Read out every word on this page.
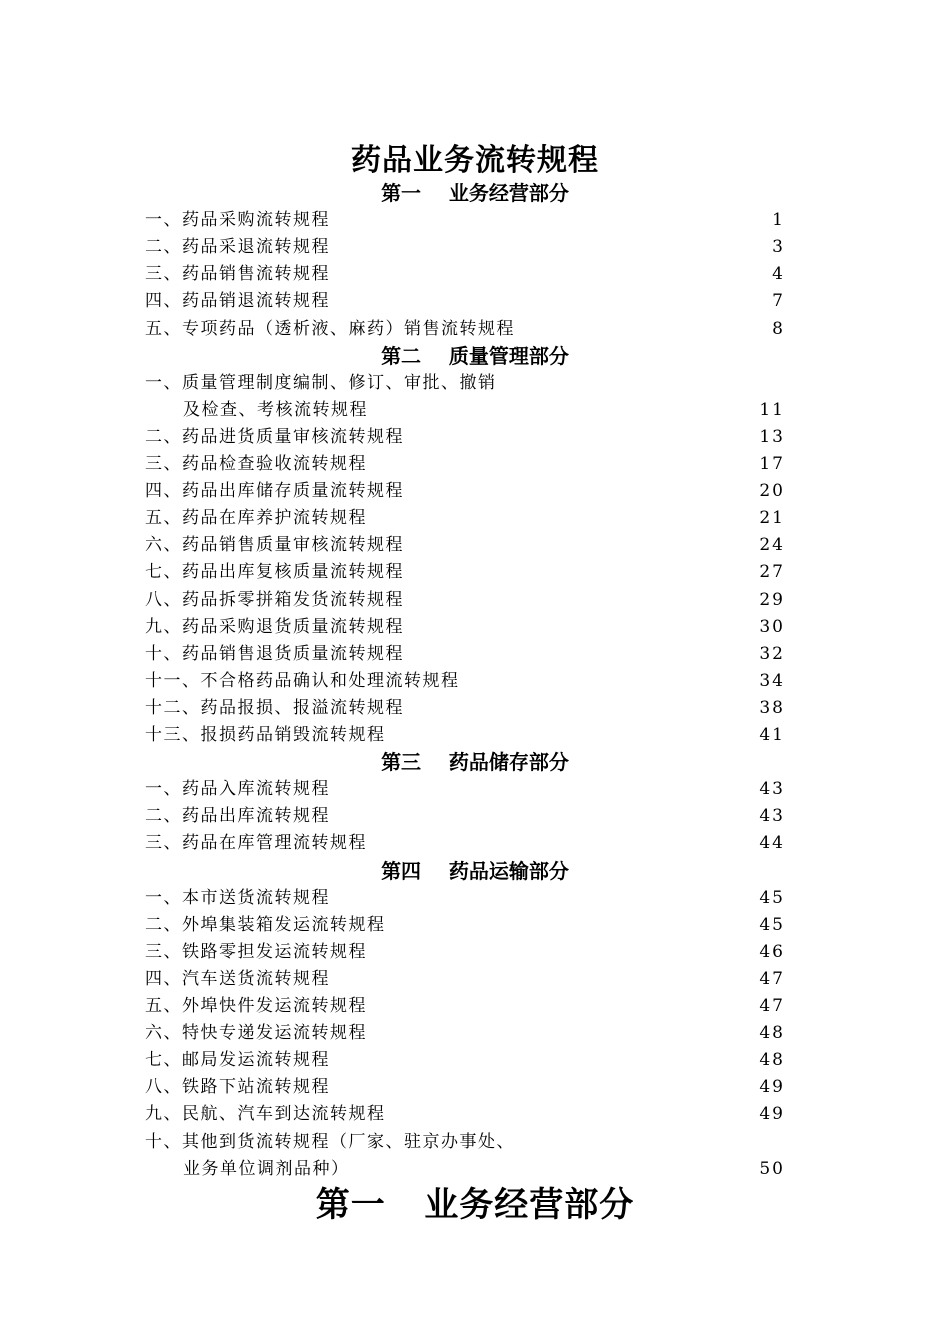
药品业务流转规程
第一    业务经营部分
一、药品采购流转规程	1
二、药品采退流转规程	3
三、药品销售流转规程	4
四、药品销退流转规程	7
五、专项药品（透析液、麻药）销售流转规程	8
第二    质量管理部分
一、质量管理制度编制、修订、审批、撤销
及检查、考核流转规程	11
二、药品进货质量审核流转规程	13
三、药品检查验收流转规程	17
四、药品出库储存质量流转规程	20
五、药品在库养护流转规程	21
六、药品销售质量审核流转规程	24
七、药品出库复核质量流转规程	27
八、药品拆零拼箱发货流转规程	29
九、药品采购退货质量流转规程	30
十、药品销售退货质量流转规程	32
十一、不合格药品确认和处理流转规程	34
十二、药品报损、报溢流转规程	38
十三、报损药品销毁流转规程	41
第三    药品储存部分
一、药品入库流转规程	43
二、药品出库流转规程	43
三、药品在库管理流转规程	44
第四    药品运输部分
一、本市送货流转规程	45
二、外埠集装箱发运流转规程	45
三、铁路零担发运流转规程	46
四、汽车送货流转规程	47
五、外埠快件发运流转规程	47
六、特快专递发运流转规程	48
七、邮局发运流转规程	48
八、铁路下站流转规程	49
九、民航、汽车到达流转规程	49
十、其他到货流转规程（厂家、驻京办事处、
业务单位调剂品种）	50
第一   业务经营部分
